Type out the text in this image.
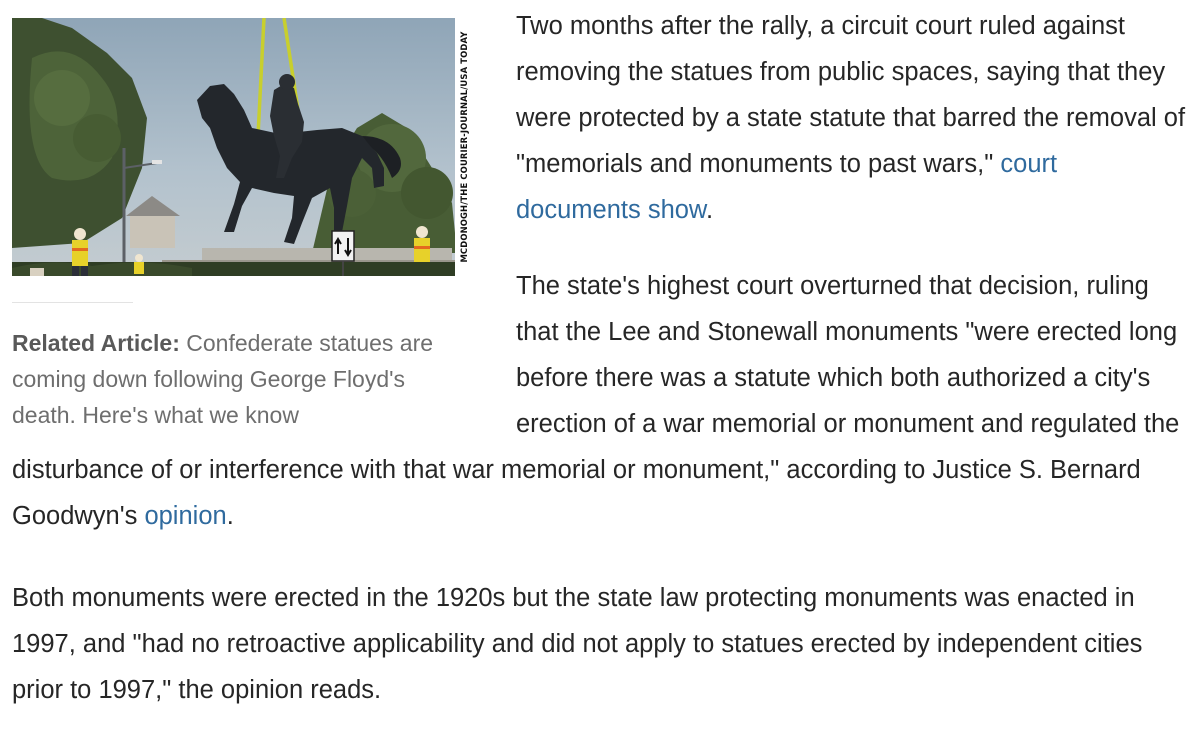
MCDONOGH/THE COURIER-JOURNAL/USA TODAY
Related Article: Confederate statues are coming down following George Floyd's death. Here's what we know

Two months after the rally, a circuit court ruled against removing the statues from public spaces, saying that they were protected by a state statute that barred the removal of "memorials and monuments to past wars," court documents show.

The state's highest court overturned that decision, ruling that the Lee and Stonewall monuments "were erected long before there was a statute which both authorized a city's erection of a war memorial or monument and regulated the disturbance of or interference with that war memorial or monument," according to Justice S. Bernard Goodwyn's opinion.

Both monuments were erected in the 1920s but the state law protecting monuments was enacted in 1997, and "had no retroactive applicability and did not apply to statues erected by independent cities prior to 1997," the opinion reads.
